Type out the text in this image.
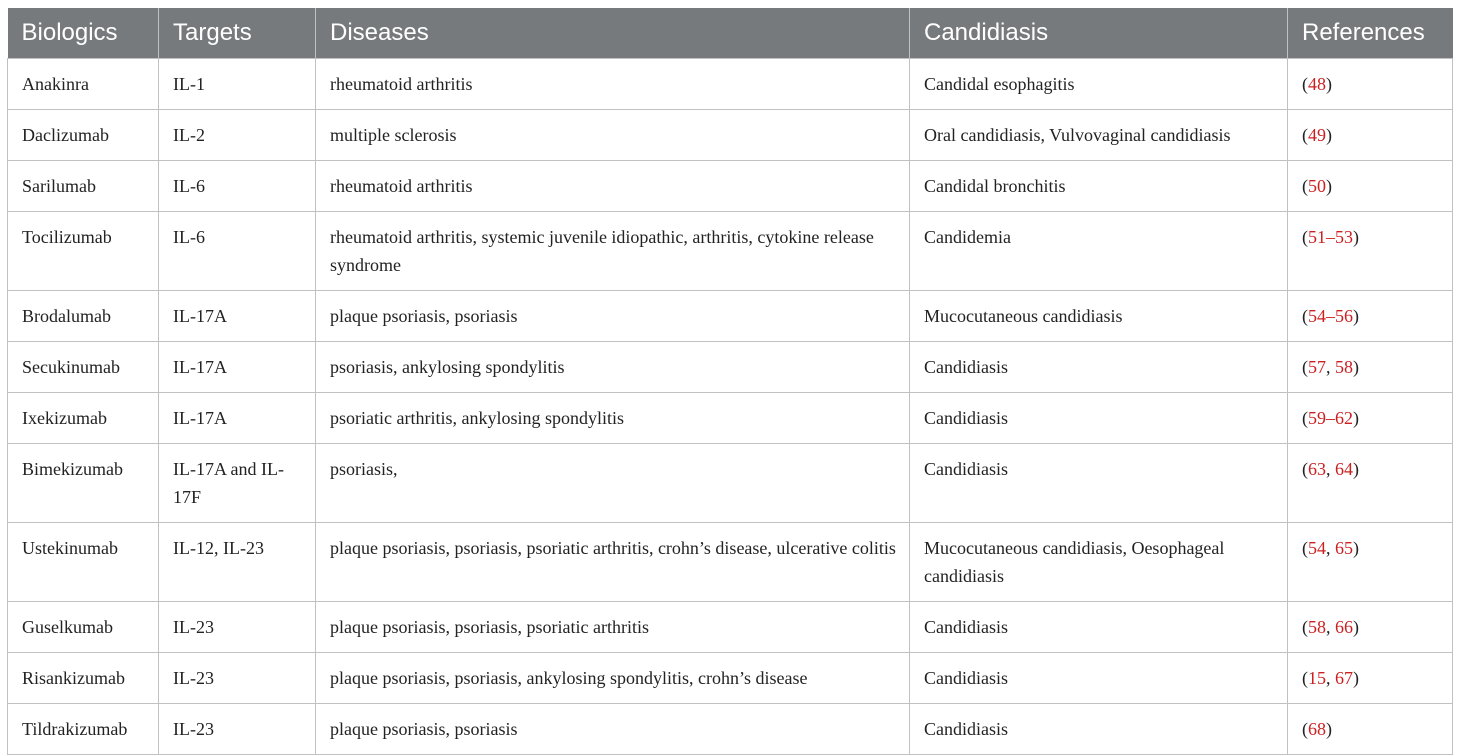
Biologics	Targets	Diseases	Candidiasis	References
Anakinra	IL-1	rheumatoid arthritis	Candidal esophagitis	(48)
Daclizumab	IL-2	multiple sclerosis	Oral candidiasis, Vulvovaginal candidiasis	(49)
Sarilumab	IL-6	rheumatoid arthritis	Candidal bronchitis	(50)
Tocilizumab	IL-6	rheumatoid arthritis, systemic juvenile idiopathic, arthritis, cytokine release syndrome	Candidemia	(51–53)
Brodalumab	IL-17A	plaque psoriasis, psoriasis	Mucocutaneous candidiasis	(54–56)
Secukinumab	IL-17A	psoriasis, ankylosing spondylitis	Candidiasis	(57, 58)
Ixekizumab	IL-17A	psoriatic arthritis, ankylosing spondylitis	Candidiasis	(59–62)
Bimekizumab	IL-17A and IL-17F	psoriasis,	Candidiasis	(63, 64)
Ustekinumab	IL-12, IL-23	plaque psoriasis, psoriasis, psoriatic arthritis, crohn’s disease, ulcerative colitis	Mucocutaneous candidiasis, Oesophageal candidiasis	(54, 65)
Guselkumab	IL-23	plaque psoriasis, psoriasis, psoriatic arthritis	Candidiasis	(58, 66)
Risankizumab	IL-23	plaque psoriasis, psoriasis, ankylosing spondylitis, crohn’s disease	Candidiasis	(15, 67)
Tildrakizumab	IL-23	plaque psoriasis, psoriasis	Candidiasis	(68)
